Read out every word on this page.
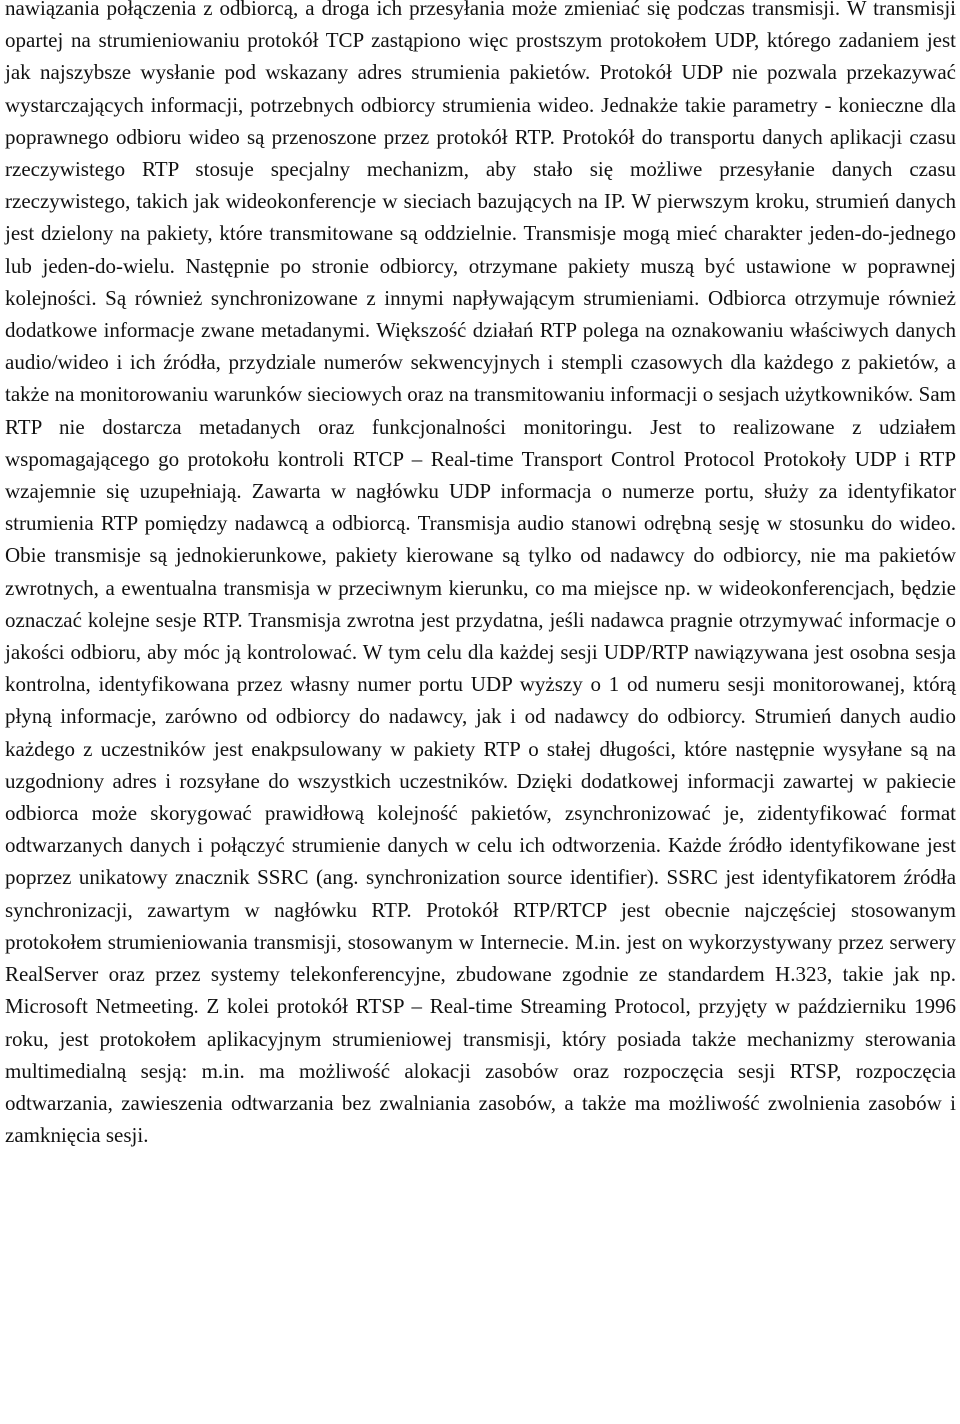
nawiązania połączenia z odbiorcą, a droga ich przesyłania może zmieniać się podczas transmisji. W transmisji opartej na strumieniowaniu protokół TCP zastąpiono więc prostszym protokołem UDP, którego zadaniem jest jak najszybsze wysłanie pod wskazany adres strumienia pakietów. Protokół UDP nie pozwala przekazywać wystarczających informacji, potrzebnych odbiorcy strumienia wideo. Jednakże takie parametry - konieczne dla poprawnego odbioru wideo są przenoszone przez protokół RTP. Protokół do transportu danych aplikacji czasu rzeczywistego RTP stosuje specjalny mechanizm, aby stało się możliwe przesyłanie danych czasu rzeczywistego, takich jak wideokonferencje w sieciach bazujących na IP. W pierwszym kroku, strumień danych jest dzielony na pakiety, które transmitowane są oddzielnie. Transmisje mogą mieć charakter jeden-do-jednego lub jeden-do-wielu. Następnie po stronie odbiorcy, otrzymane pakiety muszą być ustawione w poprawnej kolejności. Są również synchronizowane z innymi napływającym strumieniami. Odbiorca otrzymuje również dodatkowe informacje zwane metadanymi. Większość działań RTP polega na oznakowaniu właściwych danych audio/wideo i ich źródła, przydziale numerów sekwencyjnych i stempli czasowych dla każdego z pakietów, a także na monitorowaniu warunków sieciowych oraz na transmitowaniu informacji o sesjach użytkowników. Sam RTP nie dostarcza metadanych oraz funkcjonalności monitoringu. Jest to realizowane z udziałem wspomagającego go protokołu kontroli RTCP – Real-time Transport Control Protocol Protokoły UDP i RTP wzajemnie się uzupełniają. Zawarta w nagłówku UDP informacja o numerze portu, służy za identyfikator strumienia RTP pomiędzy nadawcą a odbiorcą. Transmisja audio stanowi odrębną sesję w stosunku do wideo. Obie transmisje są jednokierunkowe, pakiety kierowane są tylko od nadawcy do odbiorcy, nie ma pakietów zwrotnych, a ewentualna transmisja w przeciwnym kierunku, co ma miejsce np. w wideokonferencjach, będzie oznaczać kolejne sesje RTP. Transmisja zwrotna jest przydatna, jeśli nadawca pragnie otrzymywać informacje o jakości odbioru, aby móc ją kontrolować. W tym celu dla każdej sesji UDP/RTP nawiązywana jest osobna sesja kontrolna, identyfikowana przez własny numer portu UDP wyższy o 1 od numeru sesji monitorowanej, którą płyną informacje, zarówno od odbiorcy do nadawcy, jak i od nadawcy do odbiorcy. Strumień danych audio każdego z uczestników jest enakpsulowany w pakiety RTP o stałej długości, które następnie wysyłane są na uzgodniony adres i rozsyłane do wszystkich uczestników. Dzięki dodatkowej informacji zawartej w pakiecie odbiorca może skorygować prawidłową kolejność pakietów, zsynchronizować je, zidentyfikować format odtwarzanych danych i połączyć strumienie danych w celu ich odtworzenia. Każde źródło identyfikowane jest poprzez unikatowy znacznik SSRC (ang. synchronization source identifier). SSRC jest identyfikatorem źródła synchronizacji, zawartym w nagłówku RTP. Protokół RTP/RTCP jest obecnie najczęściej stosowanym protokołem strumieniowania transmisji, stosowanym w Internecie. M.in. jest on wykorzystywany przez serwery RealServer oraz przez systemy telekonferencyjne, zbudowane zgodnie ze standardem H.323, takie jak np. Microsoft Netmeeting. Z kolei protokół RTSP – Real-time Streaming Protocol, przyjęty w październiku 1996 roku, jest protokołem aplikacyjnym strumieniowej transmisji, który posiada także mechanizmy sterowania multimedialną sesją: m.in. ma możliwość alokacji zasobów oraz rozpoczęcia sesji RTSP, rozpoczęcia odtwarzania, zawieszenia odtwarzania bez zwalniania zasobów, a także ma możliwość zwolnienia zasobów i zamknięcia sesji.
